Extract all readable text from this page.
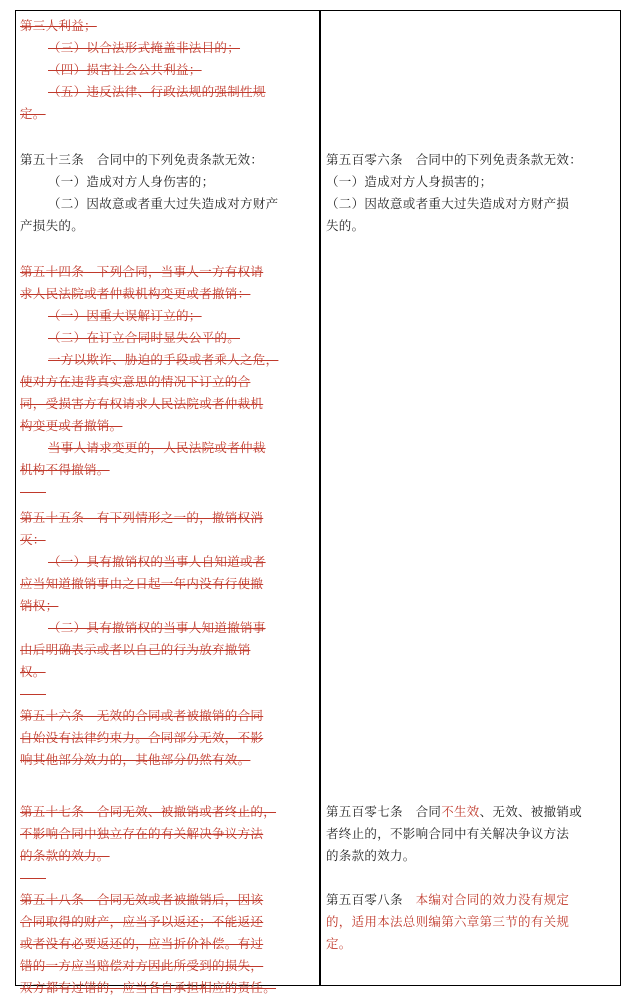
第三人利益；
（三）以合法形式掩盖非法目的；
（四）损害社会公共利益；
（五）违反法律、行政法规的强制性规
定。
第五十三条　合同中的下列免责条款无效：
（一）造成对方人身伤害的；
（二）因故意或者重大过失造成对方财产
产损失的。
第五十四条　下列合同，当事人一方有权请
求人民法院或者仲裁机构变更或者撤销：
（一）因重大误解订立的；
（二）在订立合同时显失公平的。
一方以欺诈、胁迫的手段或者乘人之危，
使对方在违背真实意思的情况下订立的合
同，受损害方有权请求人民法院或者仲裁机
构变更或者撤销。
当事人请求变更的，人民法院或者仲裁
机构不得撤销。
第五十五条　有下列情形之一的，撤销权消
灭：
（一）具有撤销权的当事人自知道或者
应当知道撤销事由之日起一年内没有行使撤
销权；
（二）具有撤销权的当事人知道撤销事
由后明确表示或者以自己的行为放弃撤销
权。
第五十六条　无效的合同或者被撤销的合同
自始没有法律约束力。合同部分无效，不影
响其他部分效力的，其他部分仍然有效。
第五十七条　合同无效、被撤销或者终止的，
不影响合同中独立存在的有关解决争议方法
的条款的效力。
第五十八条　合同无效或者被撤销后，因该
合同取得的财产，应当予以返还；不能返还
或者没有必要返还的，应当折价补偿。有过
错的一方应当赔偿对方因此所受到的损失，
双方都有过错的，应当各自承担相应的责任。
第五百零六条　合同中的下列免责条款无效：
（一）造成对方人身损害的；
（二）因故意或者重大过失造成对方财产损
失的。
第五百零七条　合同不生效、无效、被撤销或
者终止的，不影响合同中有关解决争议方法
的条款的效力。
第五百零八条　本编对合同的效力没有规定
的，适用本法总则编第六章第三节的有关规
定。
